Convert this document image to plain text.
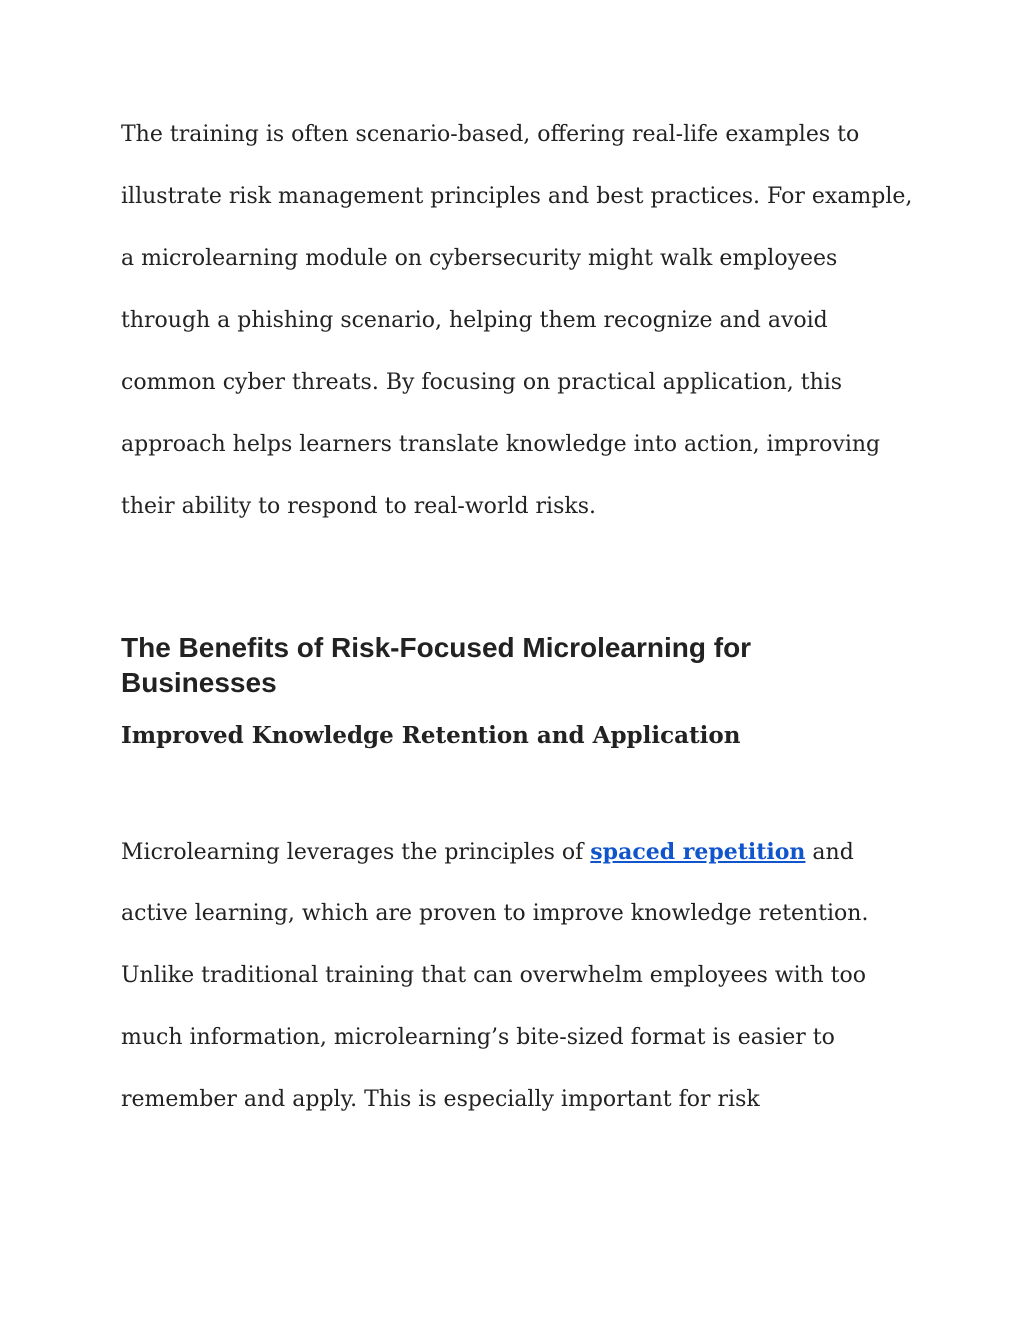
The training is often scenario-based, offering real-life examples to
illustrate risk management principles and best practices. For example,
a microlearning module on cybersecurity might walk employees
through a phishing scenario, helping them recognize and avoid
common cyber threats. By focusing on practical application, this
approach helps learners translate knowledge into action, improving
their ability to respond to real-world risks.
The Benefits of Risk-Focused Microlearning for
Businesses
Improved Knowledge Retention and Application
Microlearning leverages the principles of spaced repetition and
active learning, which are proven to improve knowledge retention.
Unlike traditional training that can overwhelm employees with too
much information, microlearning’s bite-sized format is easier to
remember and apply. This is especially important for risk
